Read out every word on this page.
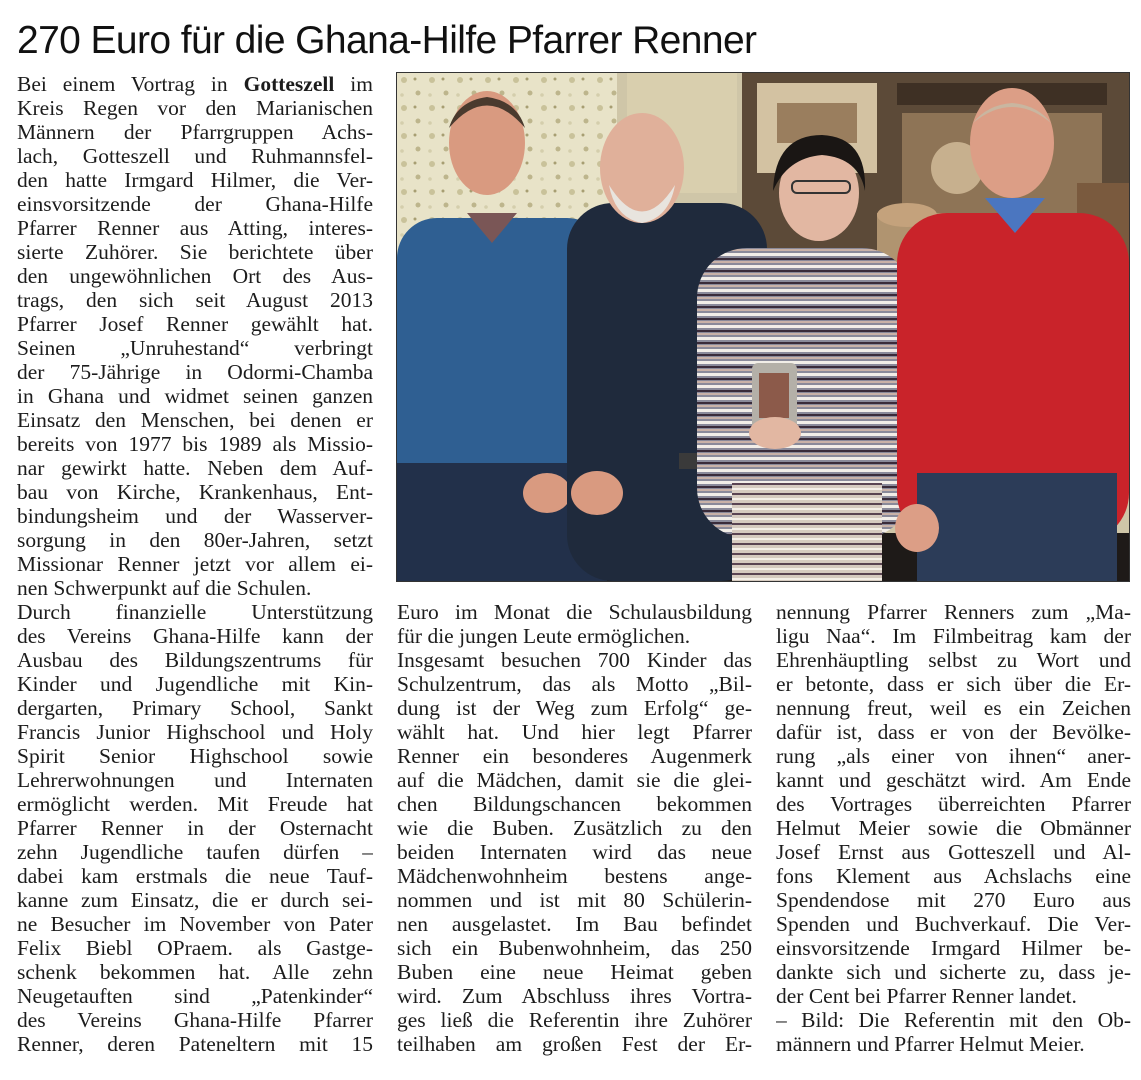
270 Euro für die Ghana-Hilfe Pfarrer Renner
Bei einem Vortrag in Gotteszell im
Kreis Regen vor den Marianischen
Männern der Pfarrgruppen Achs-
lach, Gotteszell und Ruhmannsfel-
den hatte Irmgard Hilmer, die Ver-
einsvorsitzende der Ghana-Hilfe
Pfarrer Renner aus Atting, interes-
sierte Zuhörer. Sie berichtete über
den ungewöhnlichen Ort des Aus-
trags, den sich seit August 2013
Pfarrer Josef Renner gewählt hat.
Seinen „Unruhestand“ verbringt
der 75-Jährige in Odormi-Chamba
in Ghana und widmet seinen ganzen
Einsatz den Menschen, bei denen er
bereits von 1977 bis 1989 als Missio-
nar gewirkt hatte. Neben dem Auf-
bau von Kirche, Krankenhaus, Ent-
bindungsheim und der Wasserver-
sorgung in den 80er-Jahren, setzt
Missionar Renner jetzt vor allem ei-
nen Schwerpunkt auf die Schulen.
Durch finanzielle Unterstützung
des Vereins Ghana-Hilfe kann der
Ausbau des Bildungszentrums für
Kinder und Jugendliche mit Kin-
dergarten, Primary School, Sankt
Francis Junior Highschool und Holy
Spirit Senior Highschool sowie
Lehrerwohnungen und Internaten
ermöglicht werden. Mit Freude hat
Pfarrer Renner in der Osternacht
zehn Jugendliche taufen dürfen –
dabei kam erstmals die neue Tauf-
kanne zum Einsatz, die er durch sei-
ne Besucher im November von Pater
Felix Biebl OPraem. als Gastge-
schenk bekommen hat. Alle zehn
Neugetauften sind „Patenkinder“
des Vereins Ghana-Hilfe Pfarrer
Renner, deren Pateneltern mit 15
Euro im Monat die Schulausbildung
für die jungen Leute ermöglichen.
Insgesamt besuchen 700 Kinder das
Schulzentrum, das als Motto „Bil-
dung ist der Weg zum Erfolg“ ge-
wählt hat. Und hier legt Pfarrer
Renner ein besonderes Augenmerk
auf die Mädchen, damit sie die glei-
chen Bildungschancen bekommen
wie die Buben. Zusätzlich zu den
beiden Internaten wird das neue
Mädchenwohnheim bestens ange-
nommen und ist mit 80 Schülerin-
nen ausgelastet. Im Bau befindet
sich ein Bubenwohnheim, das 250
Buben eine neue Heimat geben
wird. Zum Abschluss ihres Vortra-
ges ließ die Referentin ihre Zuhörer
teilhaben am großen Fest der Er-
nennung Pfarrer Renners zum „Ma-
ligu Naa“. Im Filmbeitrag kam der
Ehrenhäuptling selbst zu Wort und
er betonte, dass er sich über die Er-
nennung freut, weil es ein Zeichen
dafür ist, dass er von der Bevölke-
rung „als einer von ihnen“ aner-
kannt und geschätzt wird. Am Ende
des Vortrages überreichten Pfarrer
Helmut Meier sowie die Obmänner
Josef Ernst aus Gotteszell und Al-
fons Klement aus Achslachs eine
Spendendose mit 270 Euro aus
Spenden und Buchverkauf. Die Ver-
einsvorsitzende Irmgard Hilmer be-
dankte sich und sicherte zu, dass je-
der Cent bei Pfarrer Renner landet.
– Bild: Die Referentin mit den Ob-
männern und Pfarrer Helmut Meier.
